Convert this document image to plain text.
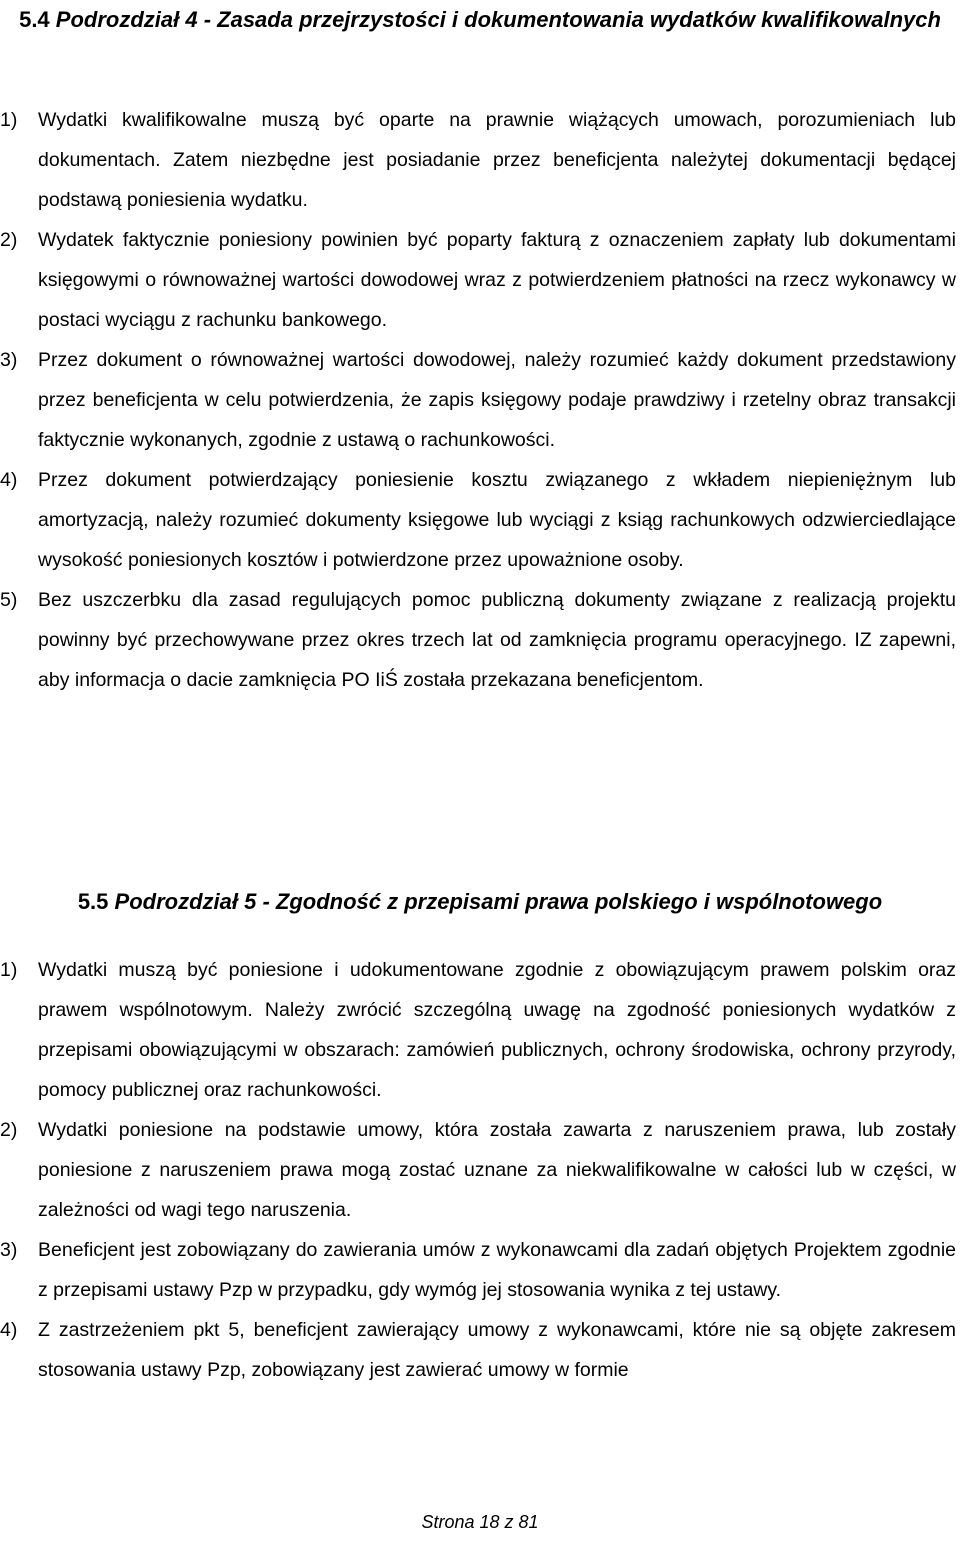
5.4 Podrozdział 4 - Zasada przejrzystości i dokumentowania wydatków kwalifikowalnych
1) Wydatki kwalifikowalne muszą być oparte na prawnie wiążących umowach, porozumieniach lub dokumentach. Zatem niezbędne jest posiadanie przez beneficjenta należytej dokumentacji będącej podstawą poniesienia wydatku.
2) Wydatek faktycznie poniesiony powinien być poparty fakturą z oznaczeniem zapłaty lub dokumentami księgowymi o równoważnej wartości dowodowej wraz z potwierdzeniem płatności na rzecz wykonawcy w postaci wyciągu z rachunku bankowego.
3) Przez dokument o równoważnej wartości dowodowej, należy rozumieć każdy dokument przedstawiony przez beneficjenta w celu potwierdzenia, że zapis księgowy podaje prawdziwy i rzetelny obraz transakcji faktycznie wykonanych, zgodnie z ustawą o rachunkowości.
4) Przez dokument potwierdzający poniesienie kosztu związanego z wkładem niepieniężnym lub amortyzacją, należy rozumieć dokumenty księgowe lub wyciągi z ksiąg rachunkowych odzwierciedlające wysokość poniesionych kosztów i potwierdzone przez upoważnione osoby.
5) Bez uszczerbku dla zasad regulujących pomoc publiczną dokumenty związane z realizacją projektu powinny być przechowywane przez okres trzech lat od zamknięcia programu operacyjnego. IZ zapewni, aby informacja o dacie zamknięcia PO IiŚ została przekazana beneficjentom.
5.5 Podrozdział 5 - Zgodność z przepisami prawa polskiego i wspólnotowego
1) Wydatki muszą być poniesione i udokumentowane zgodnie z obowiązującym prawem polskim oraz prawem wspólnotowym. Należy zwrócić szczególną uwagę na zgodność poniesionych wydatków z przepisami obowiązującymi w obszarach: zamówień publicznych, ochrony środowiska, ochrony przyrody, pomocy publicznej oraz rachunkowości.
2) Wydatki poniesione na podstawie umowy, która została zawarta z naruszeniem prawa, lub zostały poniesione z naruszeniem prawa mogą zostać uznane za niekwalifikowalne w całości lub w części, w zależności od wagi tego naruszenia.
3) Beneficjent jest zobowiązany do zawierania umów z wykonawcami dla zadań objętych Projektem zgodnie z przepisami ustawy Pzp w przypadku, gdy wymóg jej stosowania wynika z tej ustawy.
4) Z zastrzeżeniem pkt 5, beneficjent zawierający umowy z wykonawcami, które nie są objęte zakresem stosowania ustawy Pzp, zobowiązany jest zawierać umowy w formie
Strona 18 z 81
